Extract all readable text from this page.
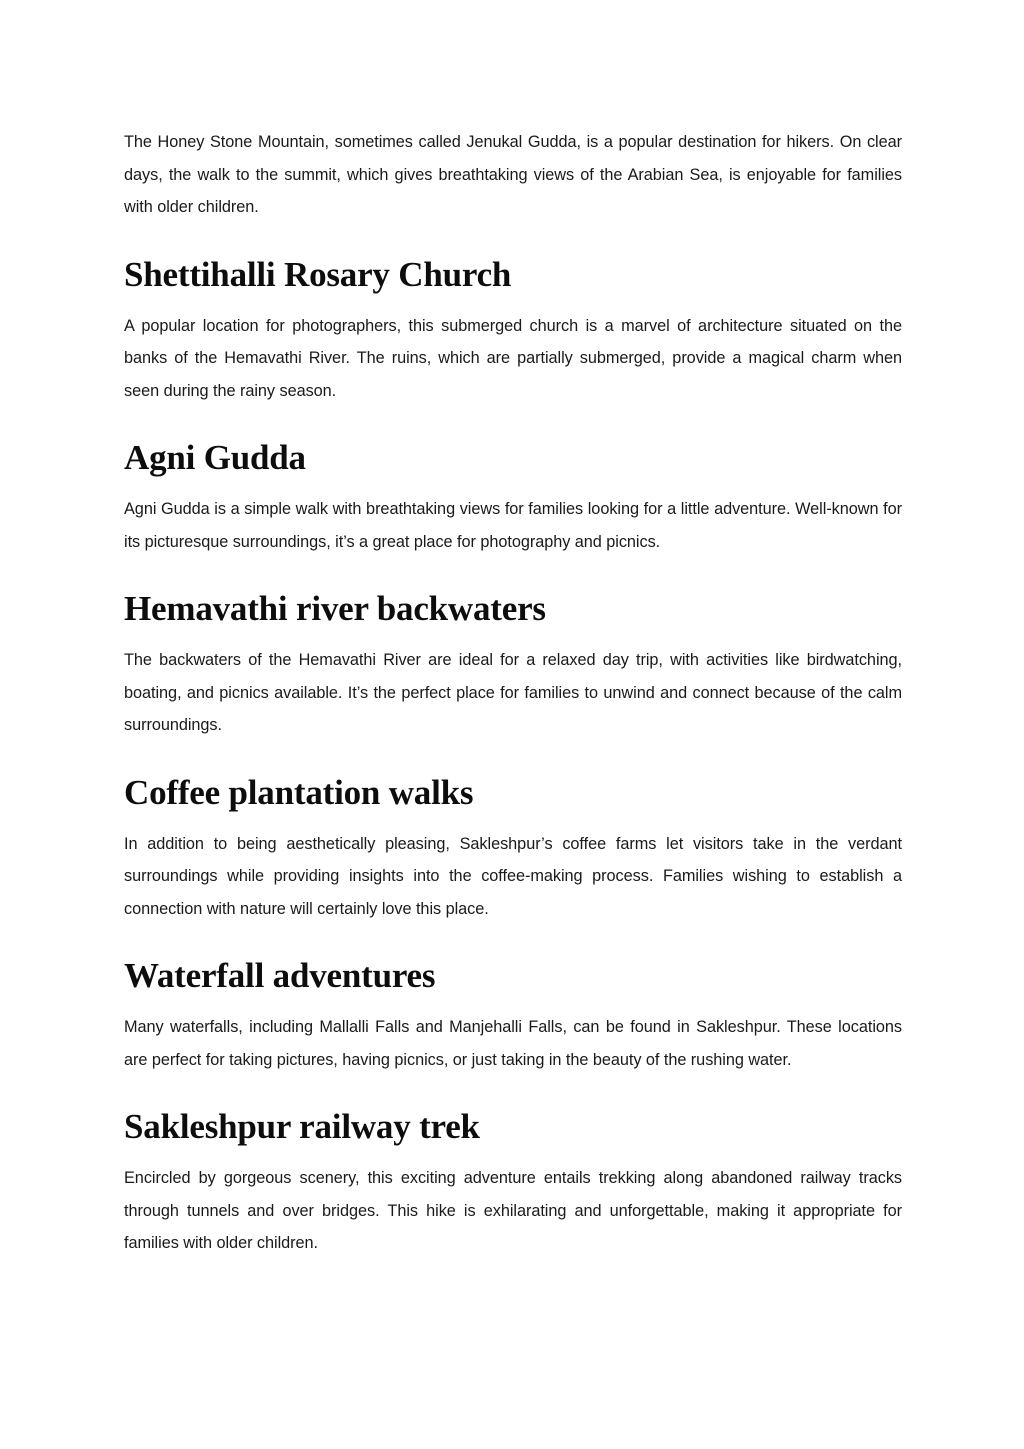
The Honey Stone Mountain, sometimes called Jenukal Gudda, is a popular destination for hikers. On clear days, the walk to the summit, which gives breathtaking views of the Arabian Sea, is enjoyable for families with older children.

Shettihalli Rosary Church

A popular location for photographers, this submerged church is a marvel of architecture situated on the banks of the Hemavathi River. The ruins, which are partially submerged, provide a magical charm when seen during the rainy season.

Agni Gudda

Agni Gudda is a simple walk with breathtaking views for families looking for a little adventure. Well-known for its picturesque surroundings, it’s a great place for photography and picnics.

Hemavathi river backwaters

The backwaters of the Hemavathi River are ideal for a relaxed day trip, with activities like birdwatching, boating, and picnics available. It’s the perfect place for families to unwind and connect because of the calm surroundings.

Coffee plantation walks

In addition to being aesthetically pleasing, Sakleshpur’s coffee farms let visitors take in the verdant surroundings while providing insights into the coffee-making process. Families wishing to establish a connection with nature will certainly love this place.

Waterfall adventures

Many waterfalls, including Mallalli Falls and Manjehalli Falls, can be found in Sakleshpur. These locations are perfect for taking pictures, having picnics, or just taking in the beauty of the rushing water.

Sakleshpur railway trek

Encircled by gorgeous scenery, this exciting adventure entails trekking along abandoned railway tracks through tunnels and over bridges. This hike is exhilarating and unforgettable, making it appropriate for families with older children.
